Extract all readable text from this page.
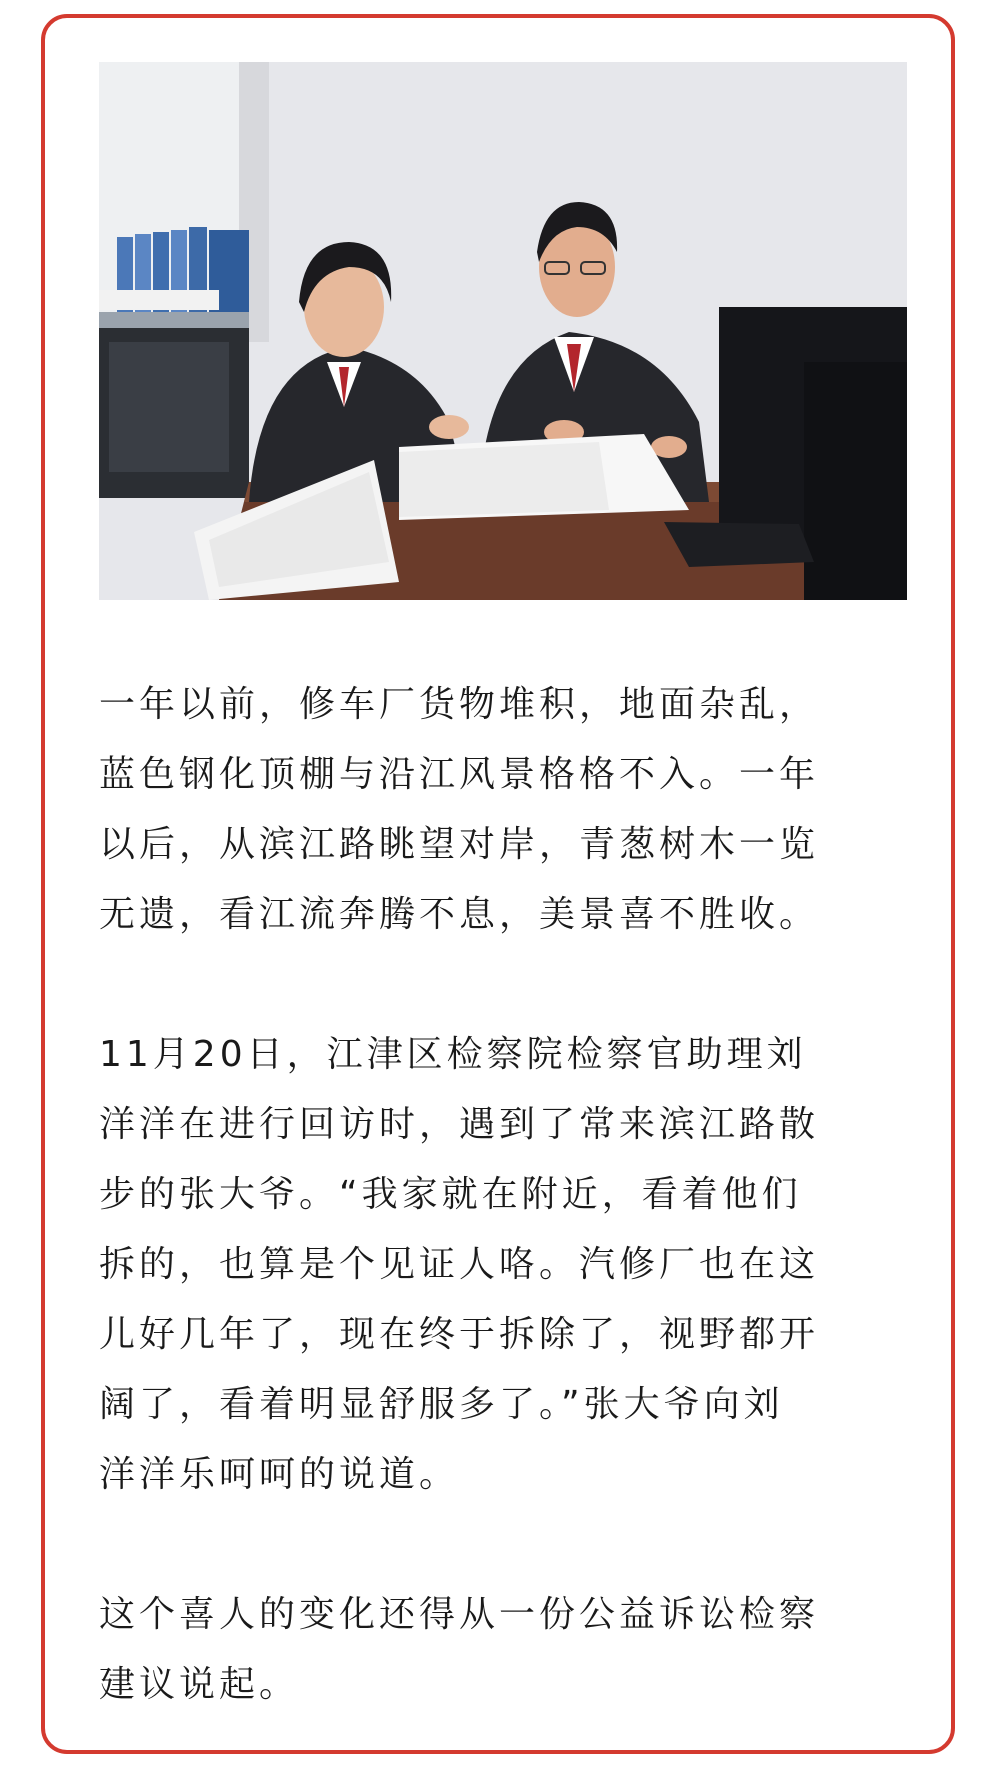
一年以前，修车厂货物堆积，地面杂乱，
蓝色钢化顶棚与沿江风景格格不入。一年
以后，从滨江路眺望对岸，青葱树木一览
无遗，看江流奔腾不息，美景喜不胜收。

11月20日，江津区检察院检察官助理刘
洋洋在进行回访时，遇到了常来滨江路散
步的张大爷。“我家就在附近，看着他们
拆的，也算是个见证人咯。汽修厂也在这
儿好几年了，现在终于拆除了，视野都开
阔了，看着明显舒服多了。”张大爷向刘
洋洋乐呵呵的说道。

这个喜人的变化还得从一份公益诉讼检察
建议说起。
